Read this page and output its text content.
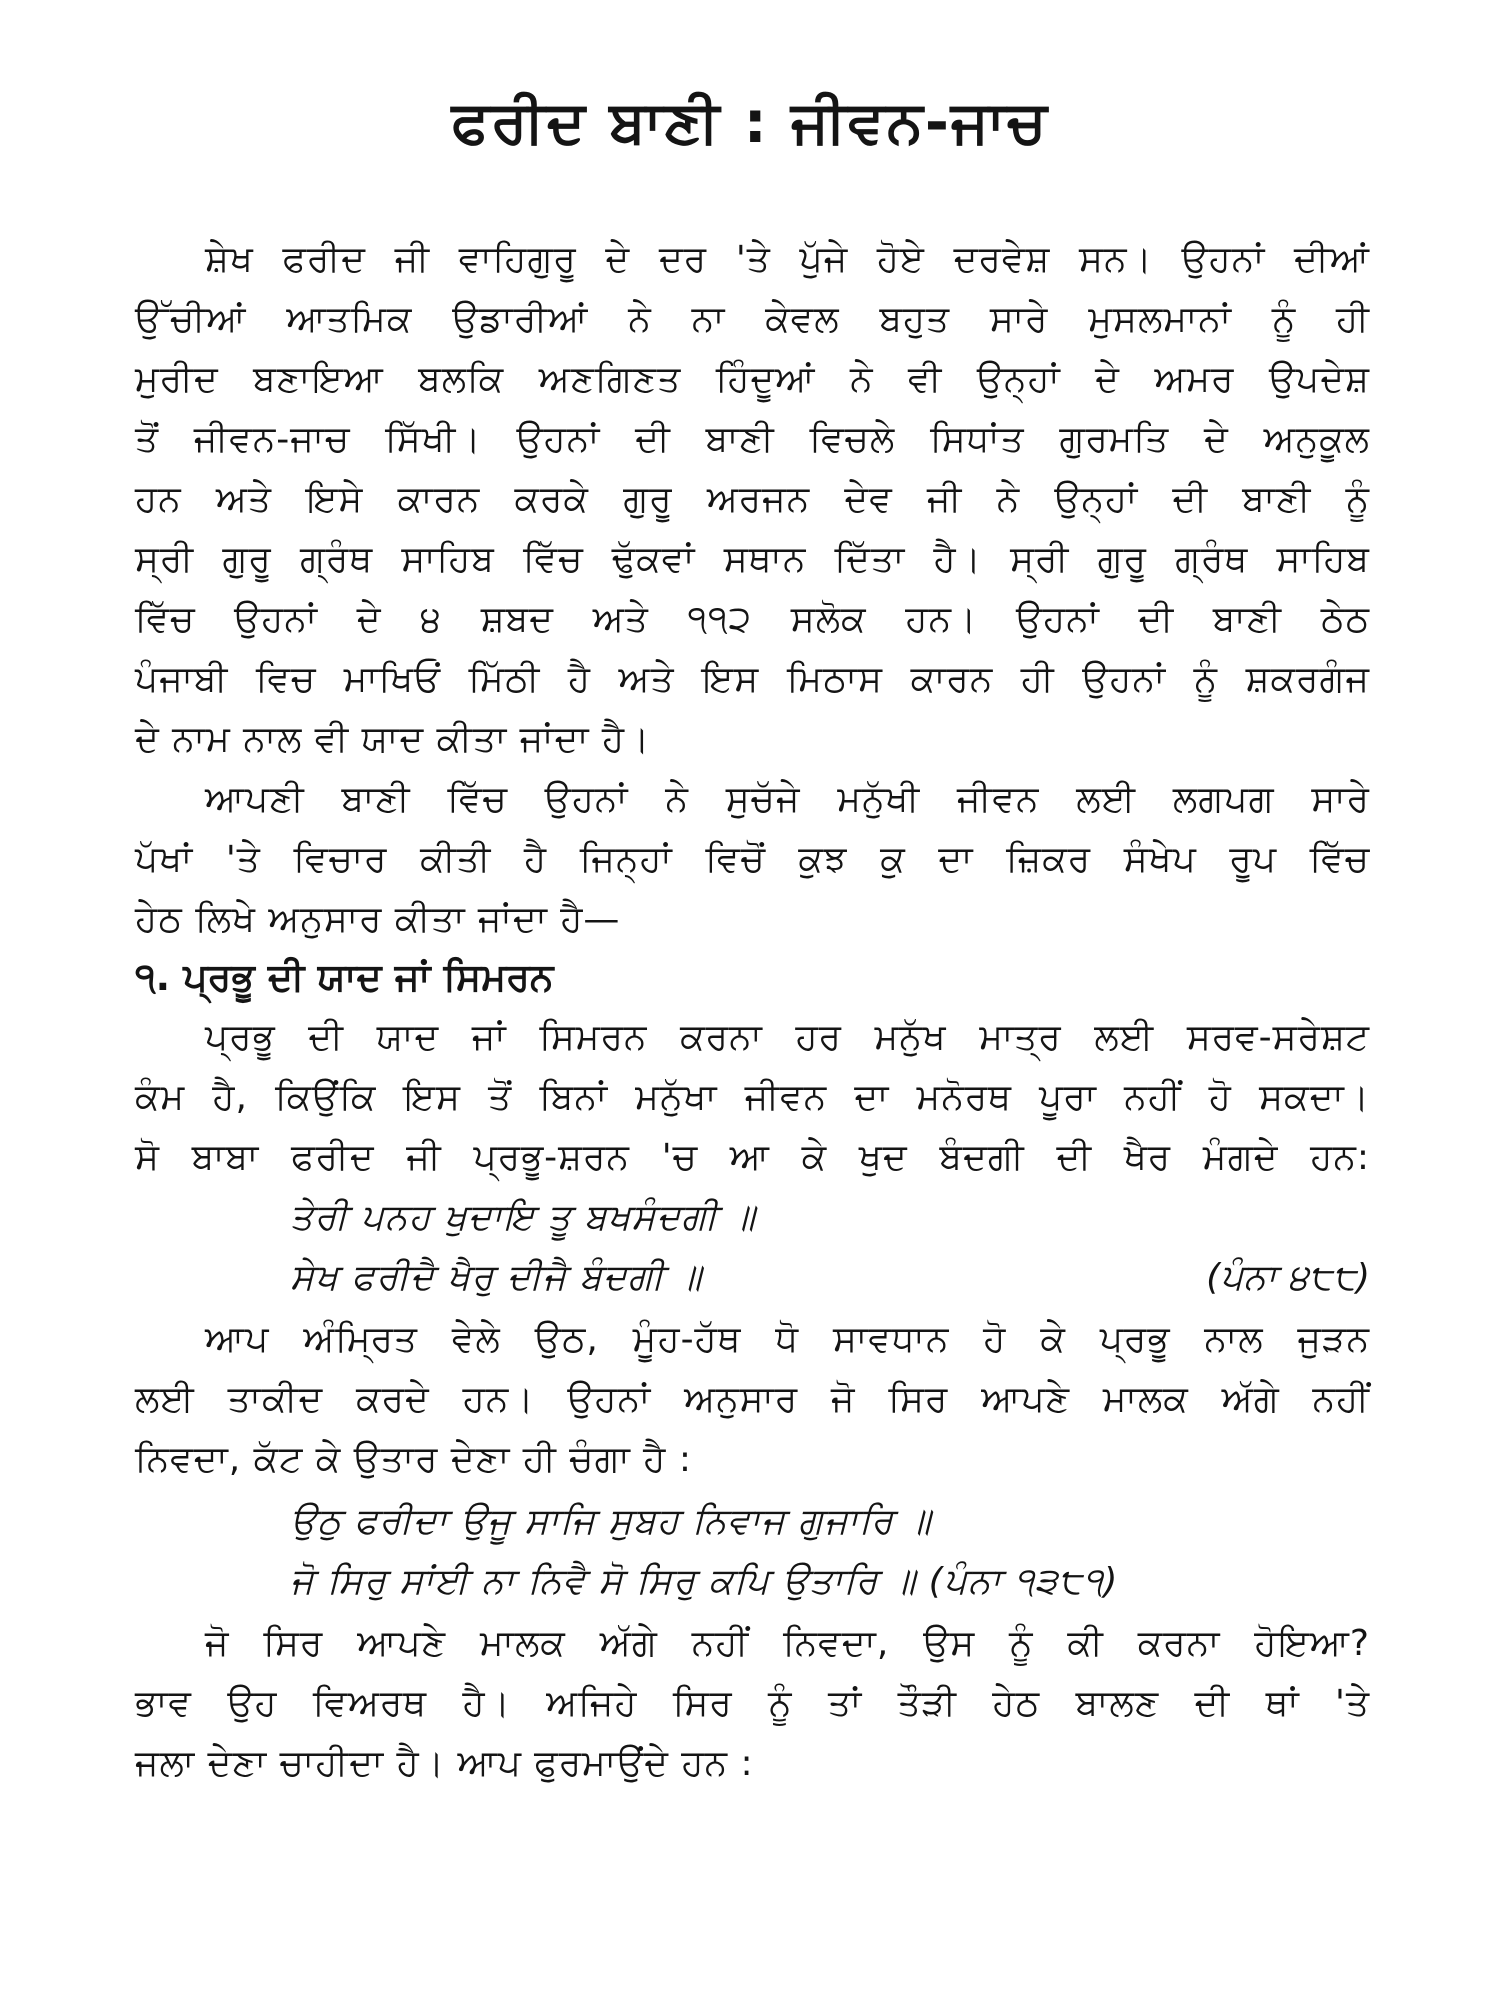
ਫਰੀਦ ਬਾਣੀ : ਜੀਵਨ-ਜਾਚ
ਸ਼ੇਖ ਫਰੀਦ ਜੀ ਵਾਹਿਗੁਰੂ ਦੇ ਦਰ 'ਤੇ ਪੁੱਜੇ ਹੋਏ ਦਰਵੇਸ਼ ਸਨ। ਉਹਨਾਂ ਦੀਆਂ
ਉੱਚੀਆਂ ਆਤਮਿਕ ਉਡਾਰੀਆਂ ਨੇ ਨਾ ਕੇਵਲ ਬਹੁਤ ਸਾਰੇ ਮੁਸਲਮਾਨਾਂ ਨੂੰ ਹੀ
ਮੁਰੀਦ ਬਣਾਇਆ ਬਲਕਿ ਅਣਗਿਣਤ ਹਿੰਦੂਆਂ ਨੇ ਵੀ ਉਨ੍ਹਾਂ ਦੇ ਅਮਰ ਉਪਦੇਸ਼
ਤੋਂ ਜੀਵਨ-ਜਾਚ ਸਿੱਖੀ। ਉਹਨਾਂ ਦੀ ਬਾਣੀ ਵਿਚਲੇ ਸਿਧਾਂਤ ਗੁਰਮਤਿ ਦੇ ਅਨੁਕੂਲ
ਹਨ ਅਤੇ ਇਸੇ ਕਾਰਨ ਕਰਕੇ ਗੁਰੂ ਅਰਜਨ ਦੇਵ ਜੀ ਨੇ ਉਨ੍ਹਾਂ ਦੀ ਬਾਣੀ ਨੂੰ
ਸ੍ਰੀ ਗੁਰੂ ਗ੍ਰੰਥ ਸਾਹਿਬ ਵਿੱਚ ਢੁੱਕਵਾਂ ਸਥਾਨ ਦਿੱਤਾ ਹੈ। ਸ੍ਰੀ ਗੁਰੂ ਗ੍ਰੰਥ ਸਾਹਿਬ
ਵਿੱਚ ਉਹਨਾਂ ਦੇ ੪ ਸ਼ਬਦ ਅਤੇ ੧੧੨ ਸਲੋਕ ਹਨ। ਉਹਨਾਂ ਦੀ ਬਾਣੀ ਠੇਠ
ਪੰਜਾਬੀ ਵਿਚ ਮਾਖਿਓਂ ਮਿੱਠੀ ਹੈ ਅਤੇ ਇਸ ਮਿਠਾਸ ਕਾਰਨ ਹੀ ਉਹਨਾਂ ਨੂੰ ਸ਼ਕਰਗੰਜ
ਦੇ ਨਾਮ ਨਾਲ ਵੀ ਯਾਦ ਕੀਤਾ ਜਾਂਦਾ ਹੈ।
ਆਪਣੀ ਬਾਣੀ ਵਿੱਚ ਉਹਨਾਂ ਨੇ ਸੁਚੱਜੇ ਮਨੁੱਖੀ ਜੀਵਨ ਲਈ ਲਗਪਗ ਸਾਰੇ
ਪੱਖਾਂ 'ਤੇ ਵਿਚਾਰ ਕੀਤੀ ਹੈ ਜਿਨ੍ਹਾਂ ਵਿਚੋਂ ਕੁਝ ਕੁ ਦਾ ਜ਼ਿਕਰ ਸੰਖੇਪ ਰੂਪ ਵਿੱਚ
ਹੇਠ ਲਿਖੇ ਅਨੁਸਾਰ ਕੀਤਾ ਜਾਂਦਾ ਹੈ—
੧. ਪ੍ਰਭੂ ਦੀ ਯਾਦ ਜਾਂ ਸਿਮਰਨ
ਪ੍ਰਭੂ ਦੀ ਯਾਦ ਜਾਂ ਸਿਮਰਨ ਕਰਨਾ ਹਰ ਮਨੁੱਖ ਮਾਤ੍ਰ ਲਈ ਸਰਵ-ਸਰੇਸ਼ਟ
ਕੰਮ ਹੈ, ਕਿਉਂਕਿ ਇਸ ਤੋਂ ਬਿਨਾਂ ਮਨੁੱਖਾ ਜੀਵਨ ਦਾ ਮਨੋਰਥ ਪੂਰਾ ਨਹੀਂ ਹੋ ਸਕਦਾ।
ਸੋ ਬਾਬਾ ਫਰੀਦ ਜੀ ਪ੍ਰਭੂ-ਸ਼ਰਨ 'ਚ ਆ ਕੇ ਖੁਦ ਬੰਦਗੀ ਦੀ ਖੈਰ ਮੰਗਦੇ ਹਨ:
ਤੇਰੀ ਪਨਹ ਖੁਦਾਇ ਤੂ ਬਖਸੰਦਗੀ ॥
ਸੇਖ ਫਰੀਦੈ ਖੈਰੁ ਦੀਜੈ ਬੰਦਗੀ ॥	(ਪੰਨਾ ੪੮੮)
ਆਪ ਅੰਮ੍ਰਿਤ ਵੇਲੇ ਉਠ, ਮੂੰਹ-ਹੱਥ ਧੋ ਸਾਵਧਾਨ ਹੋ ਕੇ ਪ੍ਰਭੂ ਨਾਲ ਜੁੜਨ
ਲਈ ਤਾਕੀਦ ਕਰਦੇ ਹਨ। ਉਹਨਾਂ ਅਨੁਸਾਰ ਜੋ ਸਿਰ ਆਪਣੇ ਮਾਲਕ ਅੱਗੇ ਨਹੀਂ
ਨਿਵਦਾ, ਕੱਟ ਕੇ ਉਤਾਰ ਦੇਣਾ ਹੀ ਚੰਗਾ ਹੈ :
ਉਠੁ ਫਰੀਦਾ ਉਜੂ ਸਾਜਿ ਸੁਬਹ ਨਿਵਾਜ ਗੁਜਾਰਿ ॥
ਜੋ ਸਿਰੁ ਸਾਂਈ ਨਾ ਨਿਵੈ ਸੋ ਸਿਰੁ ਕਪਿ ਉਤਾਰਿ ॥ (ਪੰਨਾ ੧੩੮੧)
ਜੋ ਸਿਰ ਆਪਣੇ ਮਾਲਕ ਅੱਗੇ ਨਹੀਂ ਨਿਵਦਾ, ਉਸ ਨੂੰ ਕੀ ਕਰਨਾ ਹੋਇਆ?
ਭਾਵ ਉਹ ਵਿਅਰਥ ਹੈ। ਅਜਿਹੇ ਸਿਰ ਨੂੰ ਤਾਂ ਤੌੜੀ ਹੇਠ ਬਾਲਣ ਦੀ ਥਾਂ 'ਤੇ
ਜਲਾ ਦੇਣਾ ਚਾਹੀਦਾ ਹੈ। ਆਪ ਫੁਰਮਾਉਂਦੇ ਹਨ :
